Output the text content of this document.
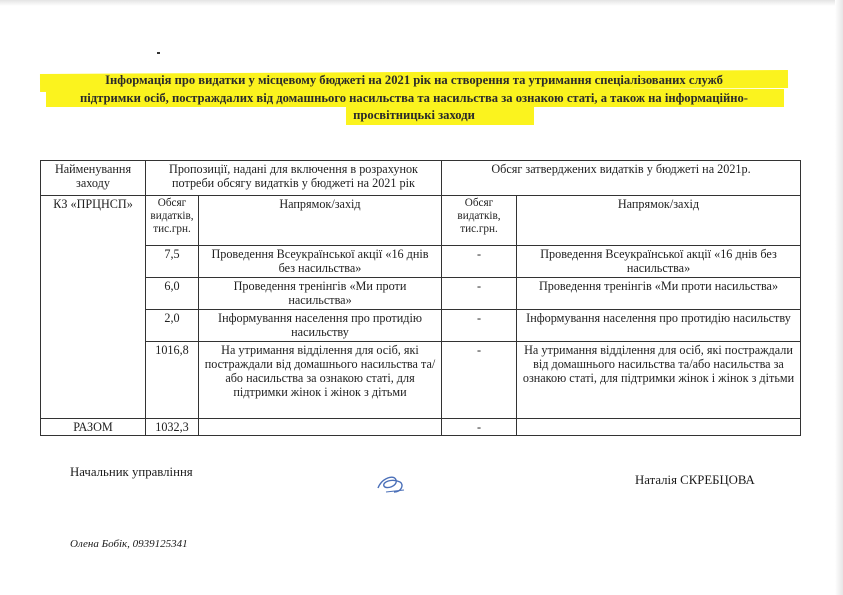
Інформація про видатки у місцевому бюджеті на 2021 рік на створення та утримання спеціалізованих служб
підтримки осіб, постраждалих від домашнього насильства та насильства за ознакою статі, а також на інформаційно-
просвітницькі заходи
Найменування заходу	Пропозиції, надані для включення в розрахунок потреби обсягу видатків у бюджеті на 2021 рік		Обсяг затверджених видатків у бюджеті на 2021р.	
КЗ «ПРЦНСП»	Обсяг видатків, тис.грн.	Напрямок/захід	Обсяг видатків, тис.грн.	Напрямок/захід
	7,5	Проведення Всеукраїнської акції «16 днів без насильства»	-	Проведення Всеукраїнської акції «16 днів без насильства»
	6,0	Проведення тренінгів «Ми проти насильства»	-	Проведення тренінгів «Ми проти насильства»
	2,0	Інформування населення про протидію насильству	-	Інформування населення про протидію насильству
	1016,8	На утримання відділення для осіб, які постраждали від домашнього насильства та/або насильства за ознакою статі, для підтримки жінок і жінок з дітьми	-	На утримання відділення для осіб, які постраждали від домашнього насильства та/або насильства за ознакою статі, для підтримки жінок і жінок з дітьми
РАЗОМ	1032,3		-	
Начальник управління
Наталія СКРЕБЦОВА
Олена Бобік, 0939125341
